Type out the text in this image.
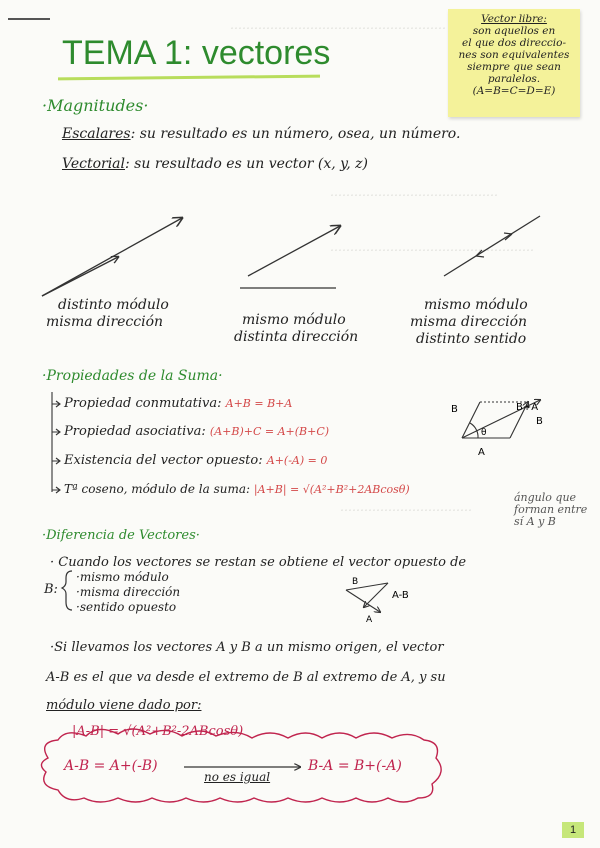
………………………………………………
……………………………………
……………………………………………
……………………………
TEMA 1: vectores
Vector libre:
son aquellos en
el que dos direccio-
nes son equivalentes
siempre que sean
paralelos.
(A=B=C=D=E)
·Magnitudes·
Escalares: su resultado es un número, osea, un número.
Vectorial: su resultado es un vector (x, y, z)
B
A
B+A
B
θ
B
A
A-B
distinto módulo
misma dirección	mismo módulo
distinta dirección
mismo módulo
misma dirección
distinto sentido
·Propiedades de la Suma·
Propiedad conmutativa: A+B = B+A
Propiedad asociativa: (A+B)+C = A+(B+C)
Existencia del vector opuesto: A+(-A) = 0
Tª coseno, módulo de la suma: |A+B| = √(A²+B²+2ABcosθ)
ángulo que
forman entre
sí A y B
·Diferencia de Vectores·
· Cuando los vectores se restan se obtiene el vector opuesto de
B:
·mismo módulo
·misma dirección
·sentido opuesto
·Si llevamos los vectores A y B a un mismo origen, el vector
A-B es el que va desde el extremo de B al extremo de A, y su
módulo viene dado por:
|A-B| = √(A²+B²-2ABcosθ)
A-B = A+(-B)
no es igual
B-A = B+(-A)
1
